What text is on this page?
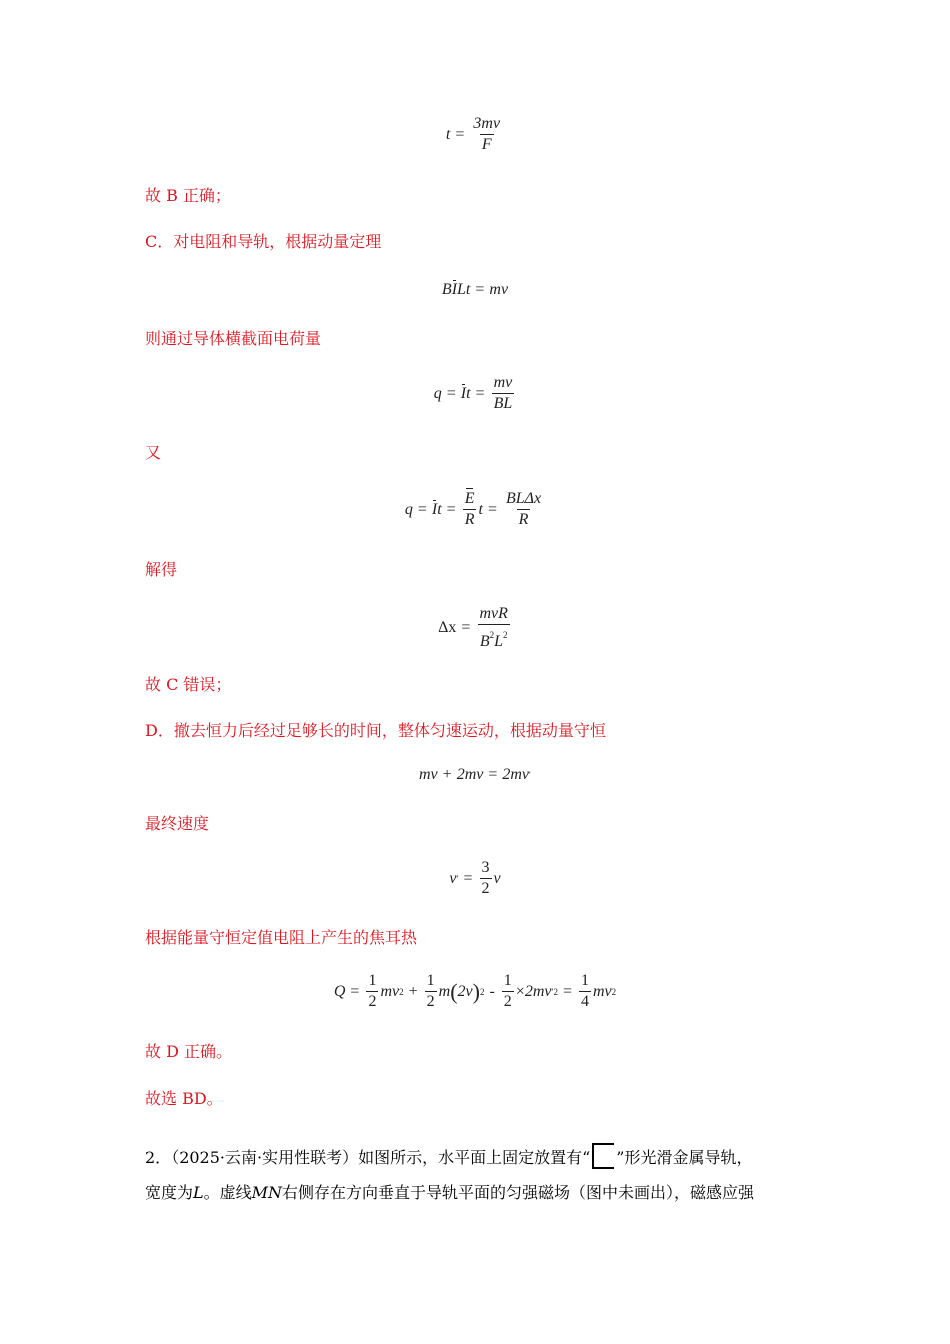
$t = \frac{3mv}{F}$
故 B 正确；
C．对电阻和导轨，根据动量定理
B I Lt = mv
则通过导体横截面电荷量
q = I $t = \frac{mv}{BL}$
又
q = I $t = \frac{E}{R}$ $t = \frac{\text{BLΔx}}{R}$
解得
$\Delta x = \frac{\text{mvR}}{B^2L^2}$
故 C 错误；
D．撤去恒力后经过足够长的时间，整体匀速运动，根据动量守恒
mv + 2mv = 2mv ′
最终速度
v ′ = $\frac{3}{2}$ v
根据能量守恒定值电阻上产生的焦耳热
$Q = \frac{1}{2}$ mv $2 + \frac{1}{2}$ m ( 2v ) $2 - \frac{1}{2} \times 2mv$ $'2 = \frac{1}{4}$ mv 2
故 D 正确。
故选 BD。
2．（2025·云南·实用性联考）如图所示，水平面上固定放置有“ ”形光滑金属导轨，
宽度为L。虚线MN右侧存在方向垂直于导轨平面的匀强磁场（图中未画出），磁感应强
